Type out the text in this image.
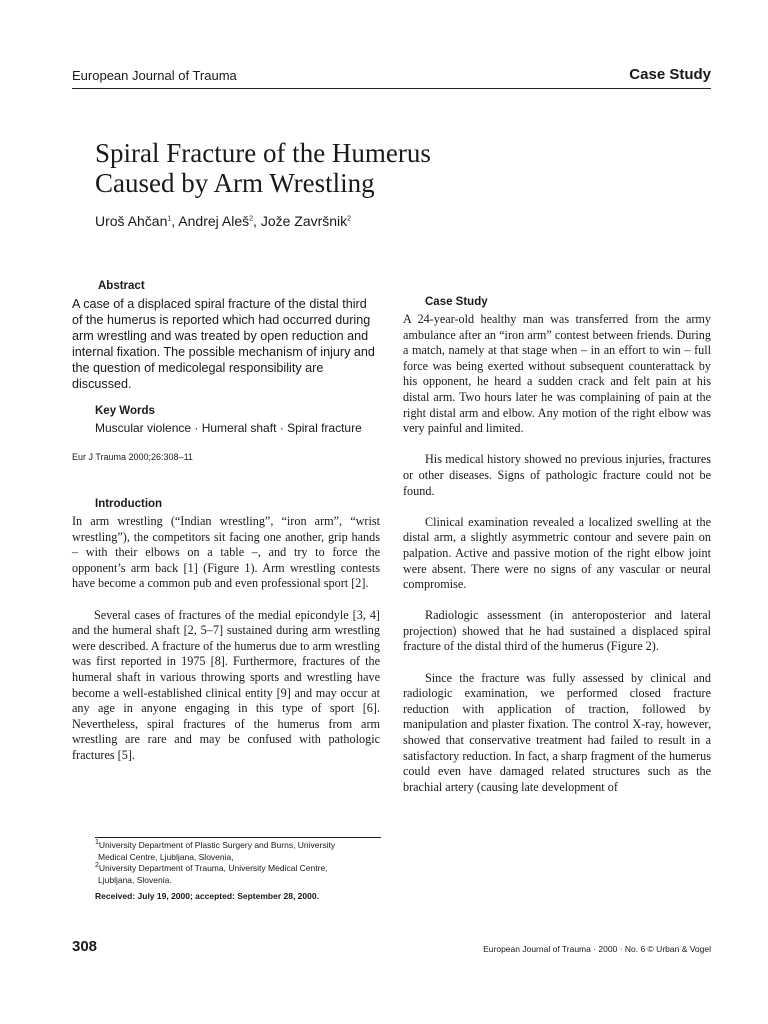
European Journal of Trauma	Case Study
Spiral Fracture of the Humerus
Caused by Arm Wrestling
Uroš Ahčan$^1$, Andrej Aleš$^2$, Jože Završnik$^2$
Abstract
A case of a displaced spiral fracture of the distal third of the humerus is reported which had occurred during arm wrestling and was treated by open reduction and internal fixation. The possible mechanism of injury and the question of medicolegal responsibility are discussed.
Key Words
Muscular violence · Humeral shaft · Spiral fracture
Eur J Trauma 2000;26:308–11
Introduction

In arm wrestling (“Indian wrestling”, “iron arm”, “wrist wrestling”), the competitors sit facing one another, grip hands – with their elbows on a table –, and try to force the opponent’s arm back [1] (Figure 1). Arm wrestling contests have become a common pub and even professional sport [2].

Several cases of fractures of the medial epicondyle [3, 4] and the humeral shaft [2, 5–7] sustained during arm wrestling were described. A fracture of the humerus due to arm wrestling was first reported in 1975 [8]. Furthermore, fractures of the humeral shaft in various throwing sports and wrestling have become a well-established clinical entity [9] and may occur at any age in anyone engaging in this type of sport [6]. Nevertheless, spiral fractures of the humerus from arm wrestling are rare and may be confused with pathologic fractures [5].

Case Study

A 24-year-old healthy man was transferred from the army ambulance after an “iron arm” contest between friends. During a match, namely at that stage when – in an effort to win – full force was being exerted without subsequent counterattack by his opponent, he heard a sudden crack and felt pain at his distal arm. Two hours later he was complaining of pain at the right distal arm and elbow. Any motion of the right elbow was very painful and limited.

His medical history showed no previous injuries, fractures or other diseases. Signs of pathologic fracture could not be found.

Clinical examination revealed a localized swelling at the distal arm, a slightly asymmetric contour and severe pain on palpation. Active and passive motion of the right elbow joint were absent. There were no signs of any vascular or neural compromise.

Radiologic assessment (in anteroposterior and lateral projection) showed that he had sustained a displaced spiral fracture of the distal third of the humerus (Figure 2).

Since the fracture was fully assessed by clinical and radiologic examination, we performed closed fracture reduction with application of traction, followed by manipulation and plaster fixation. The control X-ray, however, showed that conservative treatment had failed to result in a satisfactory reduction. In fact, a sharp fragment of the humerus could even have damaged related structures such as the brachial artery (causing late development of

$^1$University Department of Plastic Surgery and Burns, University
Medical Centre, Ljubljana, Slovenia,
$^2$University Department of Trauma, University Medical Centre,
Ljubljana, Slovenia.
Received: July 19, 2000; accepted: September 28, 2000.
308	European Journal of Trauma · 2000 · No. 6 © Urban & Vogel
